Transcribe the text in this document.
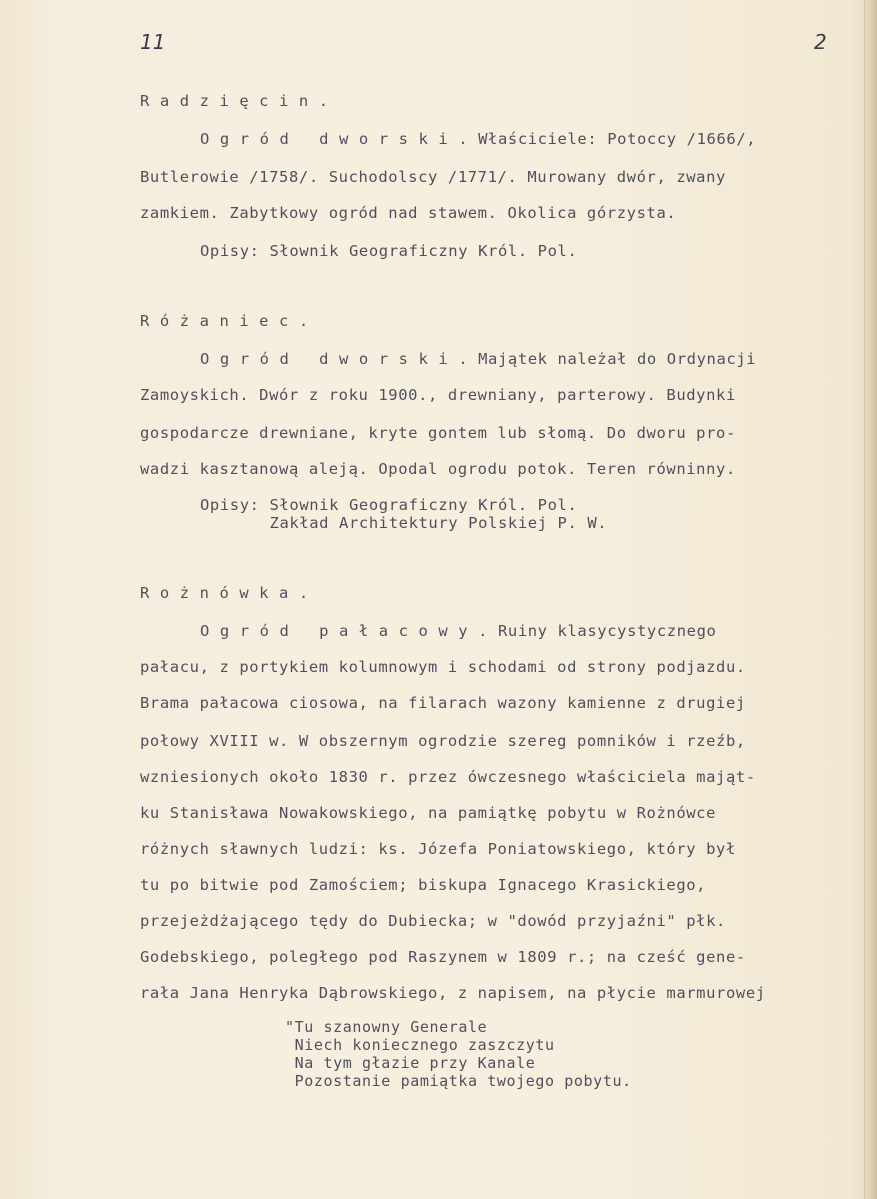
11	2
R a d z i ę c i n .
O g r ó d   d w o r s k i . Właściciele: Potoccy /1666/,
Butlerowie /1758/. Suchodolscy /1771/. Murowany dwór, zwany
zamkiem. Zabytkowy ogród nad stawem. Okolica górzysta.
Opisy: Słownik Geograficzny Król. Pol.
R ó ż a n i e c .
O g r ó d   d w o r s k i . Majątek należał do Ordynacji
Zamoyskich. Dwór z roku 1900., drewniany, parterowy. Budynki
gospodarcze drewniane, kryte gontem lub słomą. Do dworu pro-
wadzi kasztanową aleją. Opodal ogrodu potok. Teren równinny.
Opisy: Słownik Geograficzny Król. Pol.
Zakład Architektury Polskiej P. W.
R o ż n ó w k a .
O g r ó d   p a ł a c o w y . Ruiny klasycystycznego
pałacu, z portykiem kolumnowym i schodami od strony podjazdu.
Brama pałacowa ciosowa, na filarach wazony kamienne z drugiej
połowy XVIII w. W obszernym ogrodzie szereg pomników i rzeźb,
wzniesionych około 1830 r. przez ówczesnego właściciela mająt-
ku Stanisława Nowakowskiego, na pamiątkę pobytu w Rożnówce
różnych sławnych ludzi: ks. Józefa Poniatowskiego, który był
tu po bitwie pod Zamościem; biskupa Ignacego Krasickiego,
przejeżdżającego tędy do Dubiecka; w "dowód przyjaźni" płk.
Godebskiego, poległego pod Raszynem w 1809 r.; na cześć gene-
rała Jana Henryka Dąbrowskiego, z napisem, na płycie marmurowej
"Tu szanowny Generale
Niech koniecznego zaszczytu
Na tym głazie przy Kanale
Pozostanie pamiątka twojego pobytu.
